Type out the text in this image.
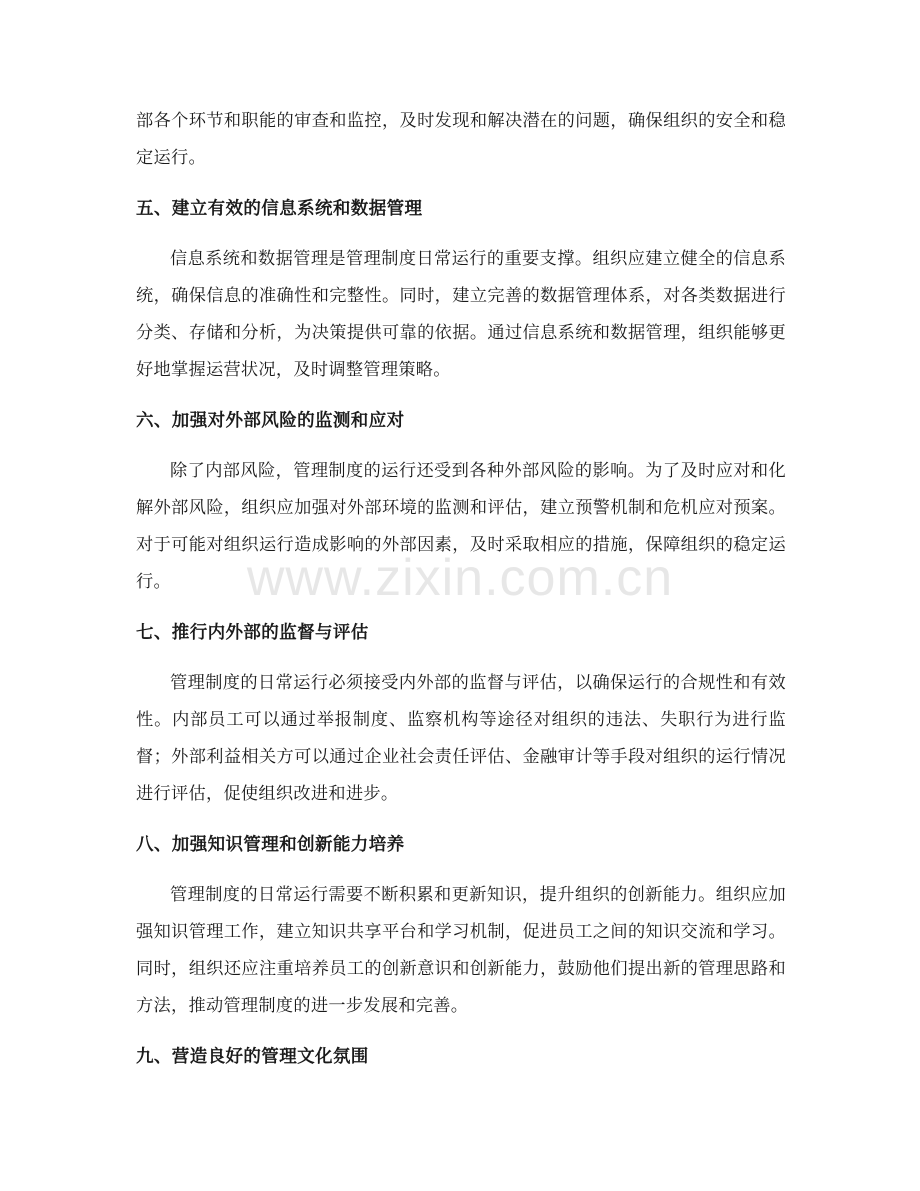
部各个环节和职能的审查和监控，及时发现和解决潜在的问题，确保组织的安全和稳定运行。

五、建立有效的信息系统和数据管理

信息系统和数据管理是管理制度日常运行的重要支撑。组织应建立健全的信息系统，确保信息的准确性和完整性。同时，建立完善的数据管理体系，对各类数据进行分类、存储和分析，为决策提供可靠的依据。通过信息系统和数据管理，组织能够更好地掌握运营状况，及时调整管理策略。

六、加强对外部风险的监测和应对

除了内部风险，管理制度的运行还受到各种外部风险的影响。为了及时应对和化解外部风险，组织应加强对外部环境的监测和评估，建立预警机制和危机应对预案。对于可能对组织运行造成影响的外部因素，及时采取相应的措施，保障组织的稳定运行。

七、推行内外部的监督与评估

管理制度的日常运行必须接受内外部的监督与评估，以确保运行的合规性和有效性。内部员工可以通过举报制度、监察机构等途径对组织的违法、失职行为进行监督；外部利益相关方可以通过企业社会责任评估、金融审计等手段对组织的运行情况进行评估，促使组织改进和进步。

八、加强知识管理和创新能力培养

管理制度的日常运行需要不断积累和更新知识，提升组织的创新能力。组织应加强知识管理工作，建立知识共享平台和学习机制，促进员工之间的知识交流和学习。同时，组织还应注重培养员工的创新意识和创新能力，鼓励他们提出新的管理思路和方法，推动管理制度的进一步发展和完善。

九、营造良好的管理文化氛围
www.zixin.com.cn
